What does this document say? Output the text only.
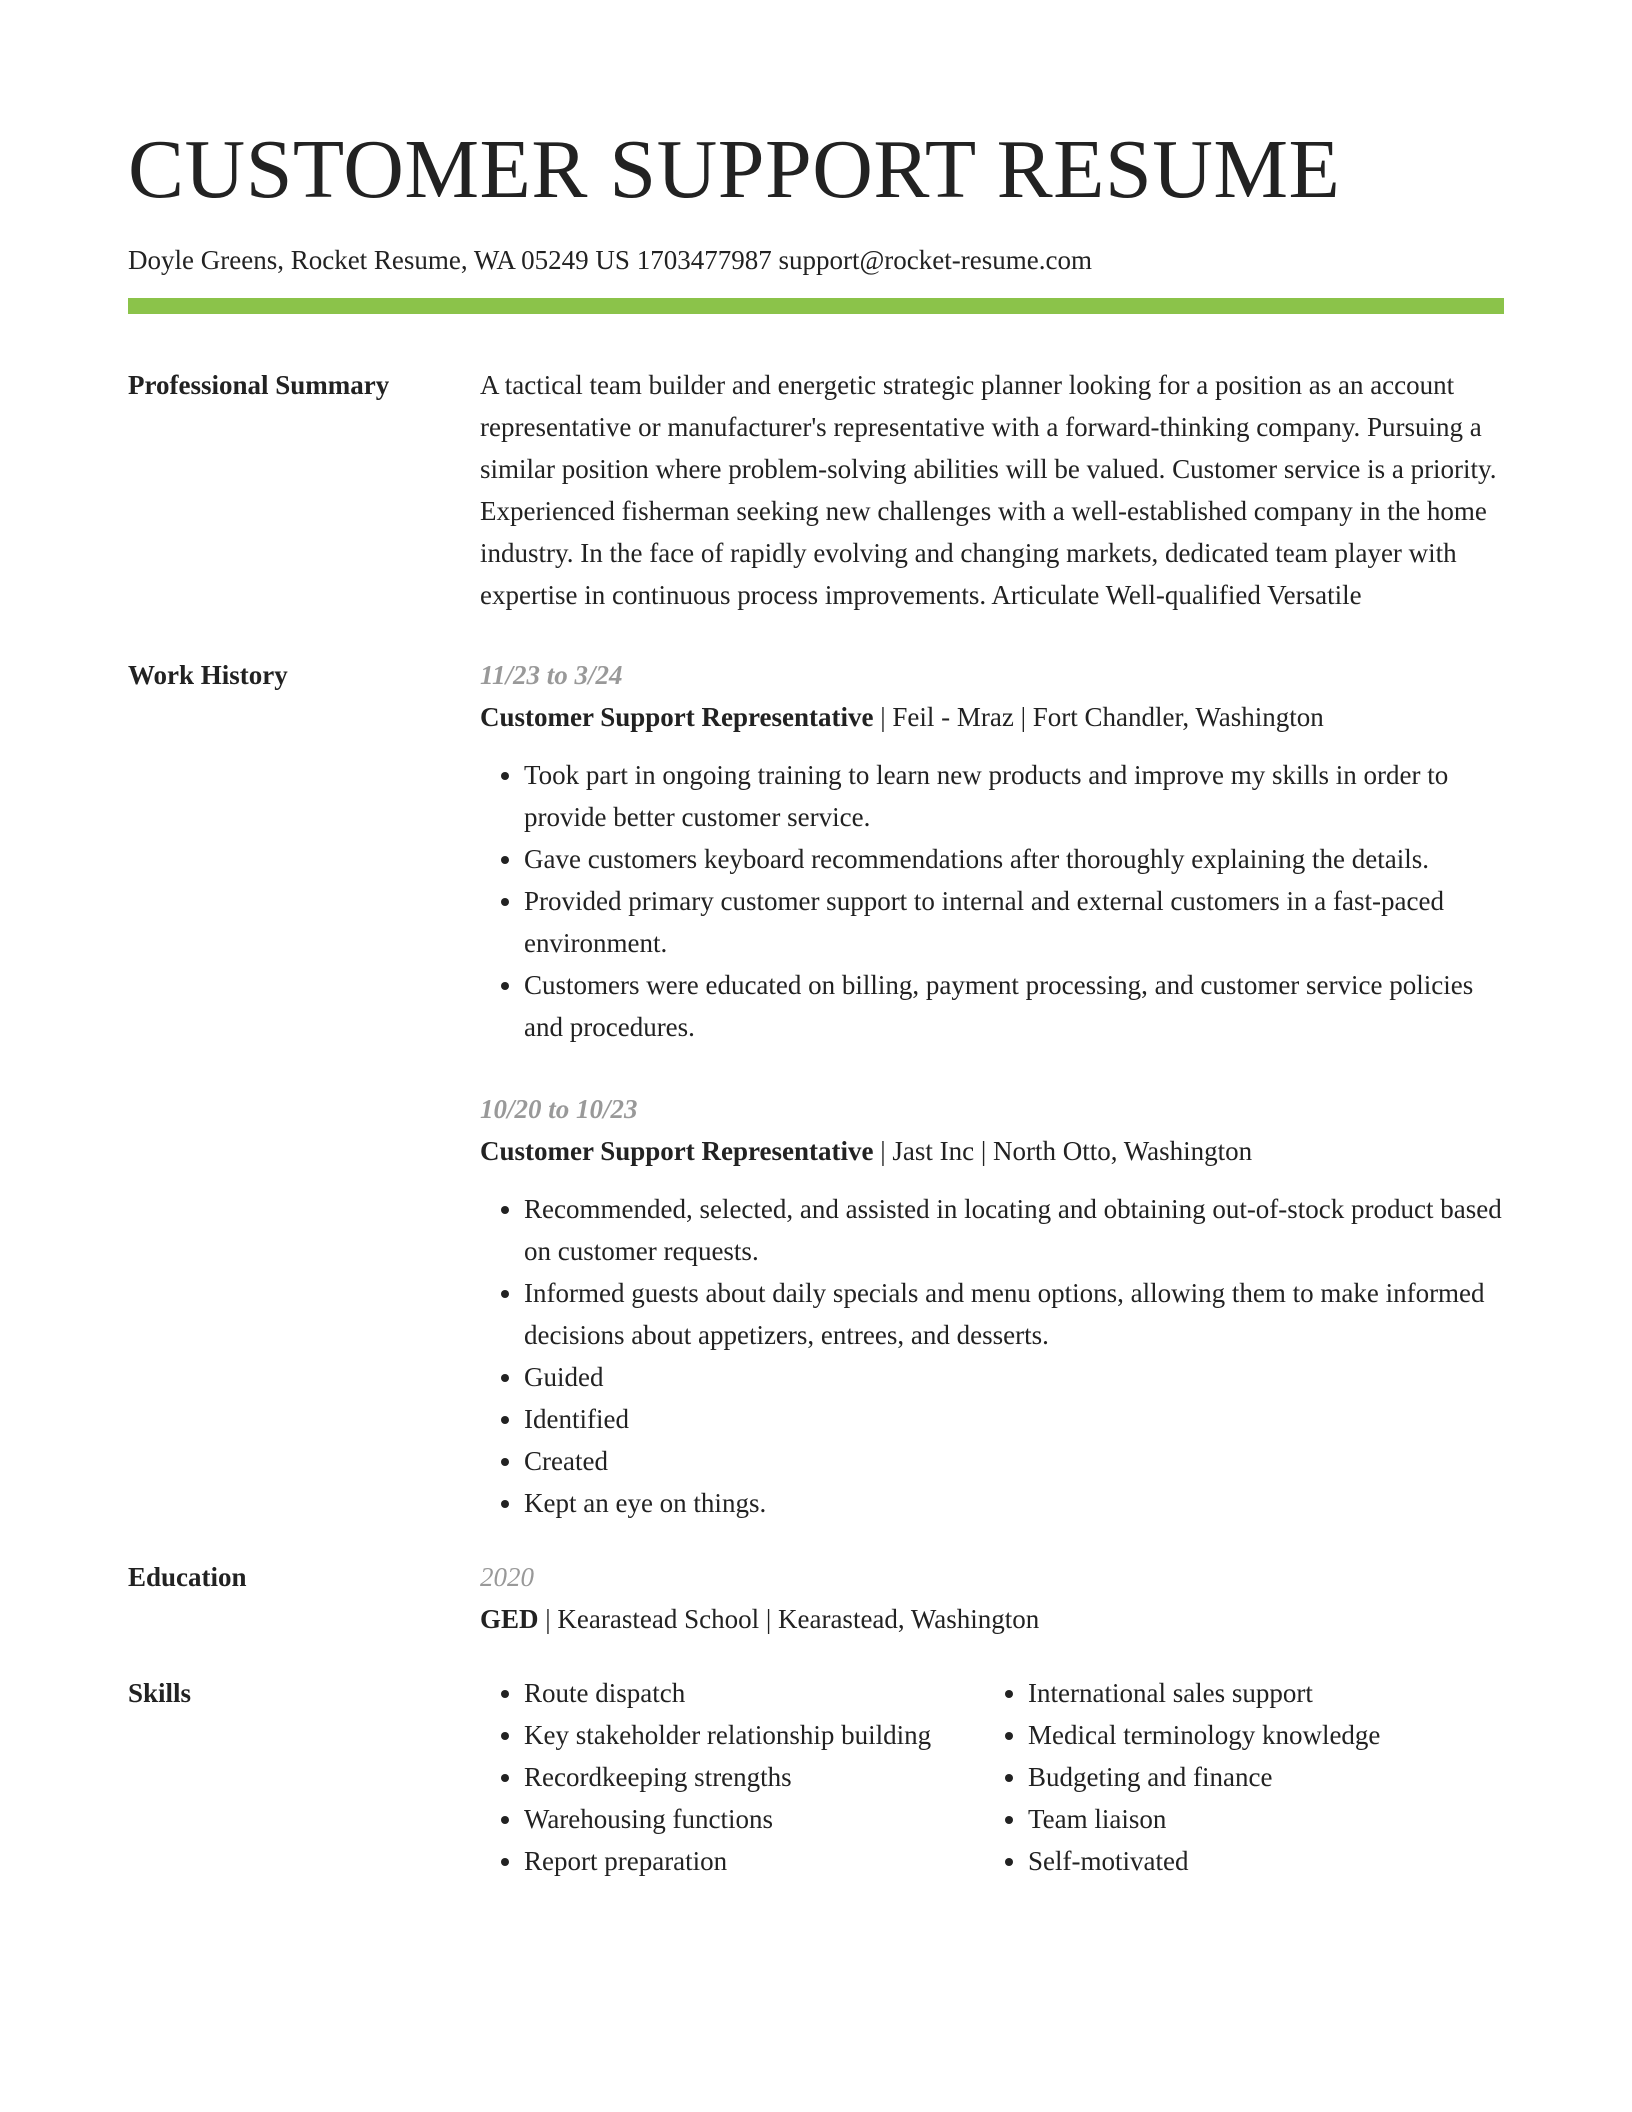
CUSTOMER SUPPORT RESUME
Doyle Greens, Rocket Resume, WA 05249 US 1703477987 support@rocket-resume.com
Professional Summary	A tactical team builder and energetic strategic planner looking for a position as an account representative or manufacturer's representative with a forward-thinking company. Pursuing a similar position where problem-solving abilities will be valued. Customer service is a priority. Experienced fisherman seeking new challenges with a well-established company in the home industry. In the face of rapidly evolving and changing markets, dedicated team player with expertise in continuous process improvements. Articulate Well-qualified Versatile
Work History	11/23 to 3/24
Customer Support Representative | Feil - Mraz | Fort Chandler, Washington
• Took part in ongoing training to learn new products and improve my skills in order to provide better customer service.
• Gave customers keyboard recommendations after thoroughly explaining the details.
• Provided primary customer support to internal and external customers in a fast-paced environment.
• Customers were educated on billing, payment processing, and customer service policies and procedures.
10/20 to 10/23
Customer Support Representative | Jast Inc | North Otto, Washington
• Recommended, selected, and assisted in locating and obtaining out-of-stock product based on customer requests.
• Informed guests about daily specials and menu options, allowing them to make informed decisions about appetizers, entrees, and desserts.
• Guided
• Identified
• Created
• Kept an eye on things.
Education	2020
GED | Kearastead School | Kearastead, Washington
Skills
•	Route dispatch
• Key stakeholder relationship building
• Recordkeeping strengths
• Warehousing functions
• Report preparation
• International sales support
• Medical terminology knowledge
• Budgeting and finance
• Team liaison
• Self-motivated
